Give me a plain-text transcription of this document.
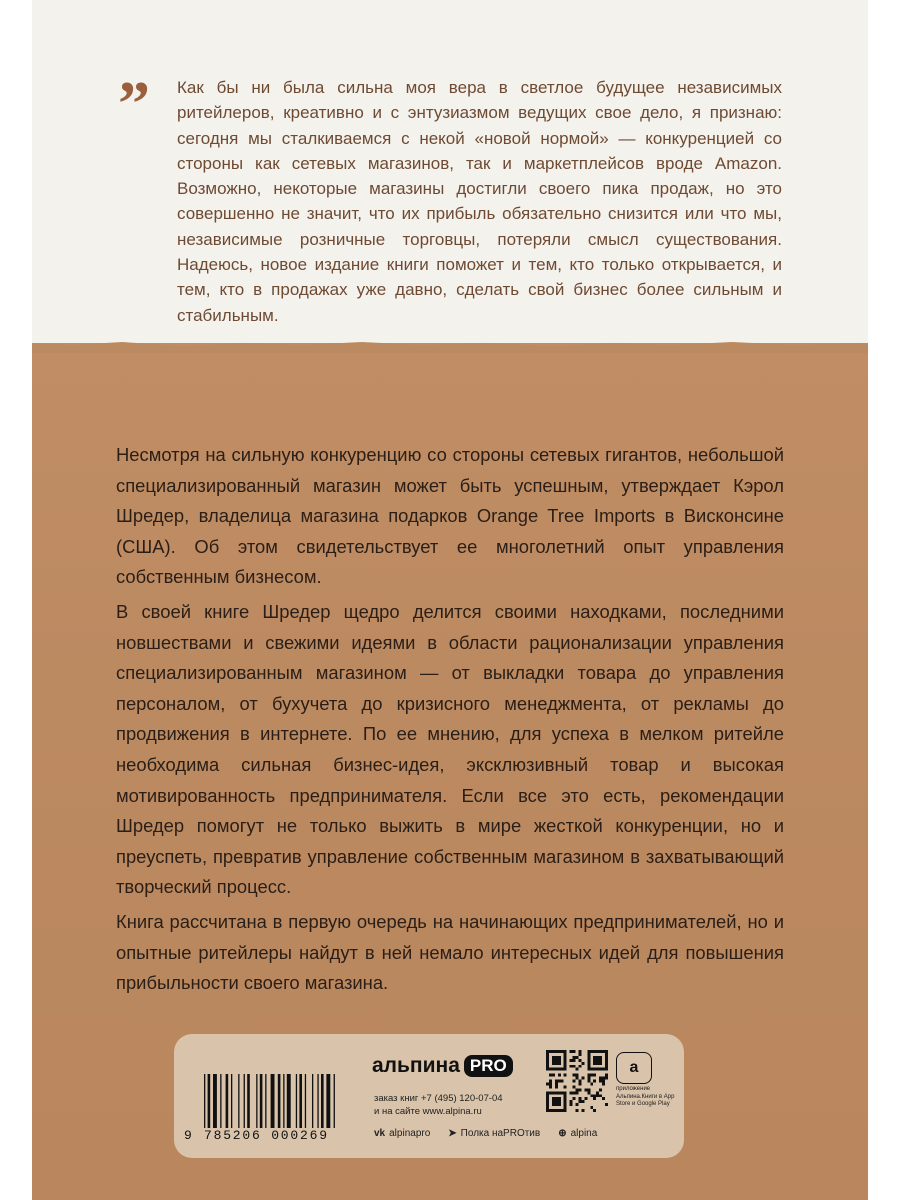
” Как бы ни была сильна моя вера в светлое будущее независимых ритейлеров, креативно и с энтузиазмом ведущих свое дело, я признаю: сегодня мы сталкиваемся с некой «новой нормой» — конкуренцией со стороны как сетевых магазинов, так и маркетплейсов вроде Amazon. Возможно, некоторые магазины достигли своего пика продаж, но это совершенно не значит, что их прибыль обязательно снизится или что мы, независимые розничные торговцы, потеряли смысл существования. Надеюсь, новое издание книги поможет и тем, кто только открывается, и тем, кто в продажах уже давно, сделать свой бизнес более сильным и стабильным.

Несмотря на сильную конкуренцию со стороны сетевых гигантов, небольшой специализированный магазин может быть успешным, утверждает Кэрол Шредер, владелица магазина подарков Orange Tree Imports в Висконсине (США). Об этом свидетельствует ее многолетний опыт управления собственным бизнесом.

В своей книге Шредер щедро делится своими находками, последними новшествами и свежими идеями в области рационализации управления специализированным магазином — от выкладки товара до управления персоналом, от бухучета до кризисного менеджмента, от рекламы до продвижения в интернете. По ее мнению, для успеха в мелком ритейле необходима сильная бизнес-идея, эксклюзивный товар и высокая мотивированность предпринимателя. Если все это есть, рекомендации Шредер помогут не только выжить в мире жесткой конкуренции, но и преуспеть, превратив управление собственным магазином в захватывающий творческий процесс.

Книга рассчитана в первую очередь на начинающих предпринимателей, но и опытные ритейлеры найдут в ней немало интересных идей для повышения прибыльности своего магазина.

9 785206 000269
альпина PRO
заказ книг +7 (495) 120-07-04
и на сайте www.alpina.ru
a
приложение Альпина.Книги в App Store и Google Play
vk alpinapro ➤ Полка наPROтив ⊕ alpina
